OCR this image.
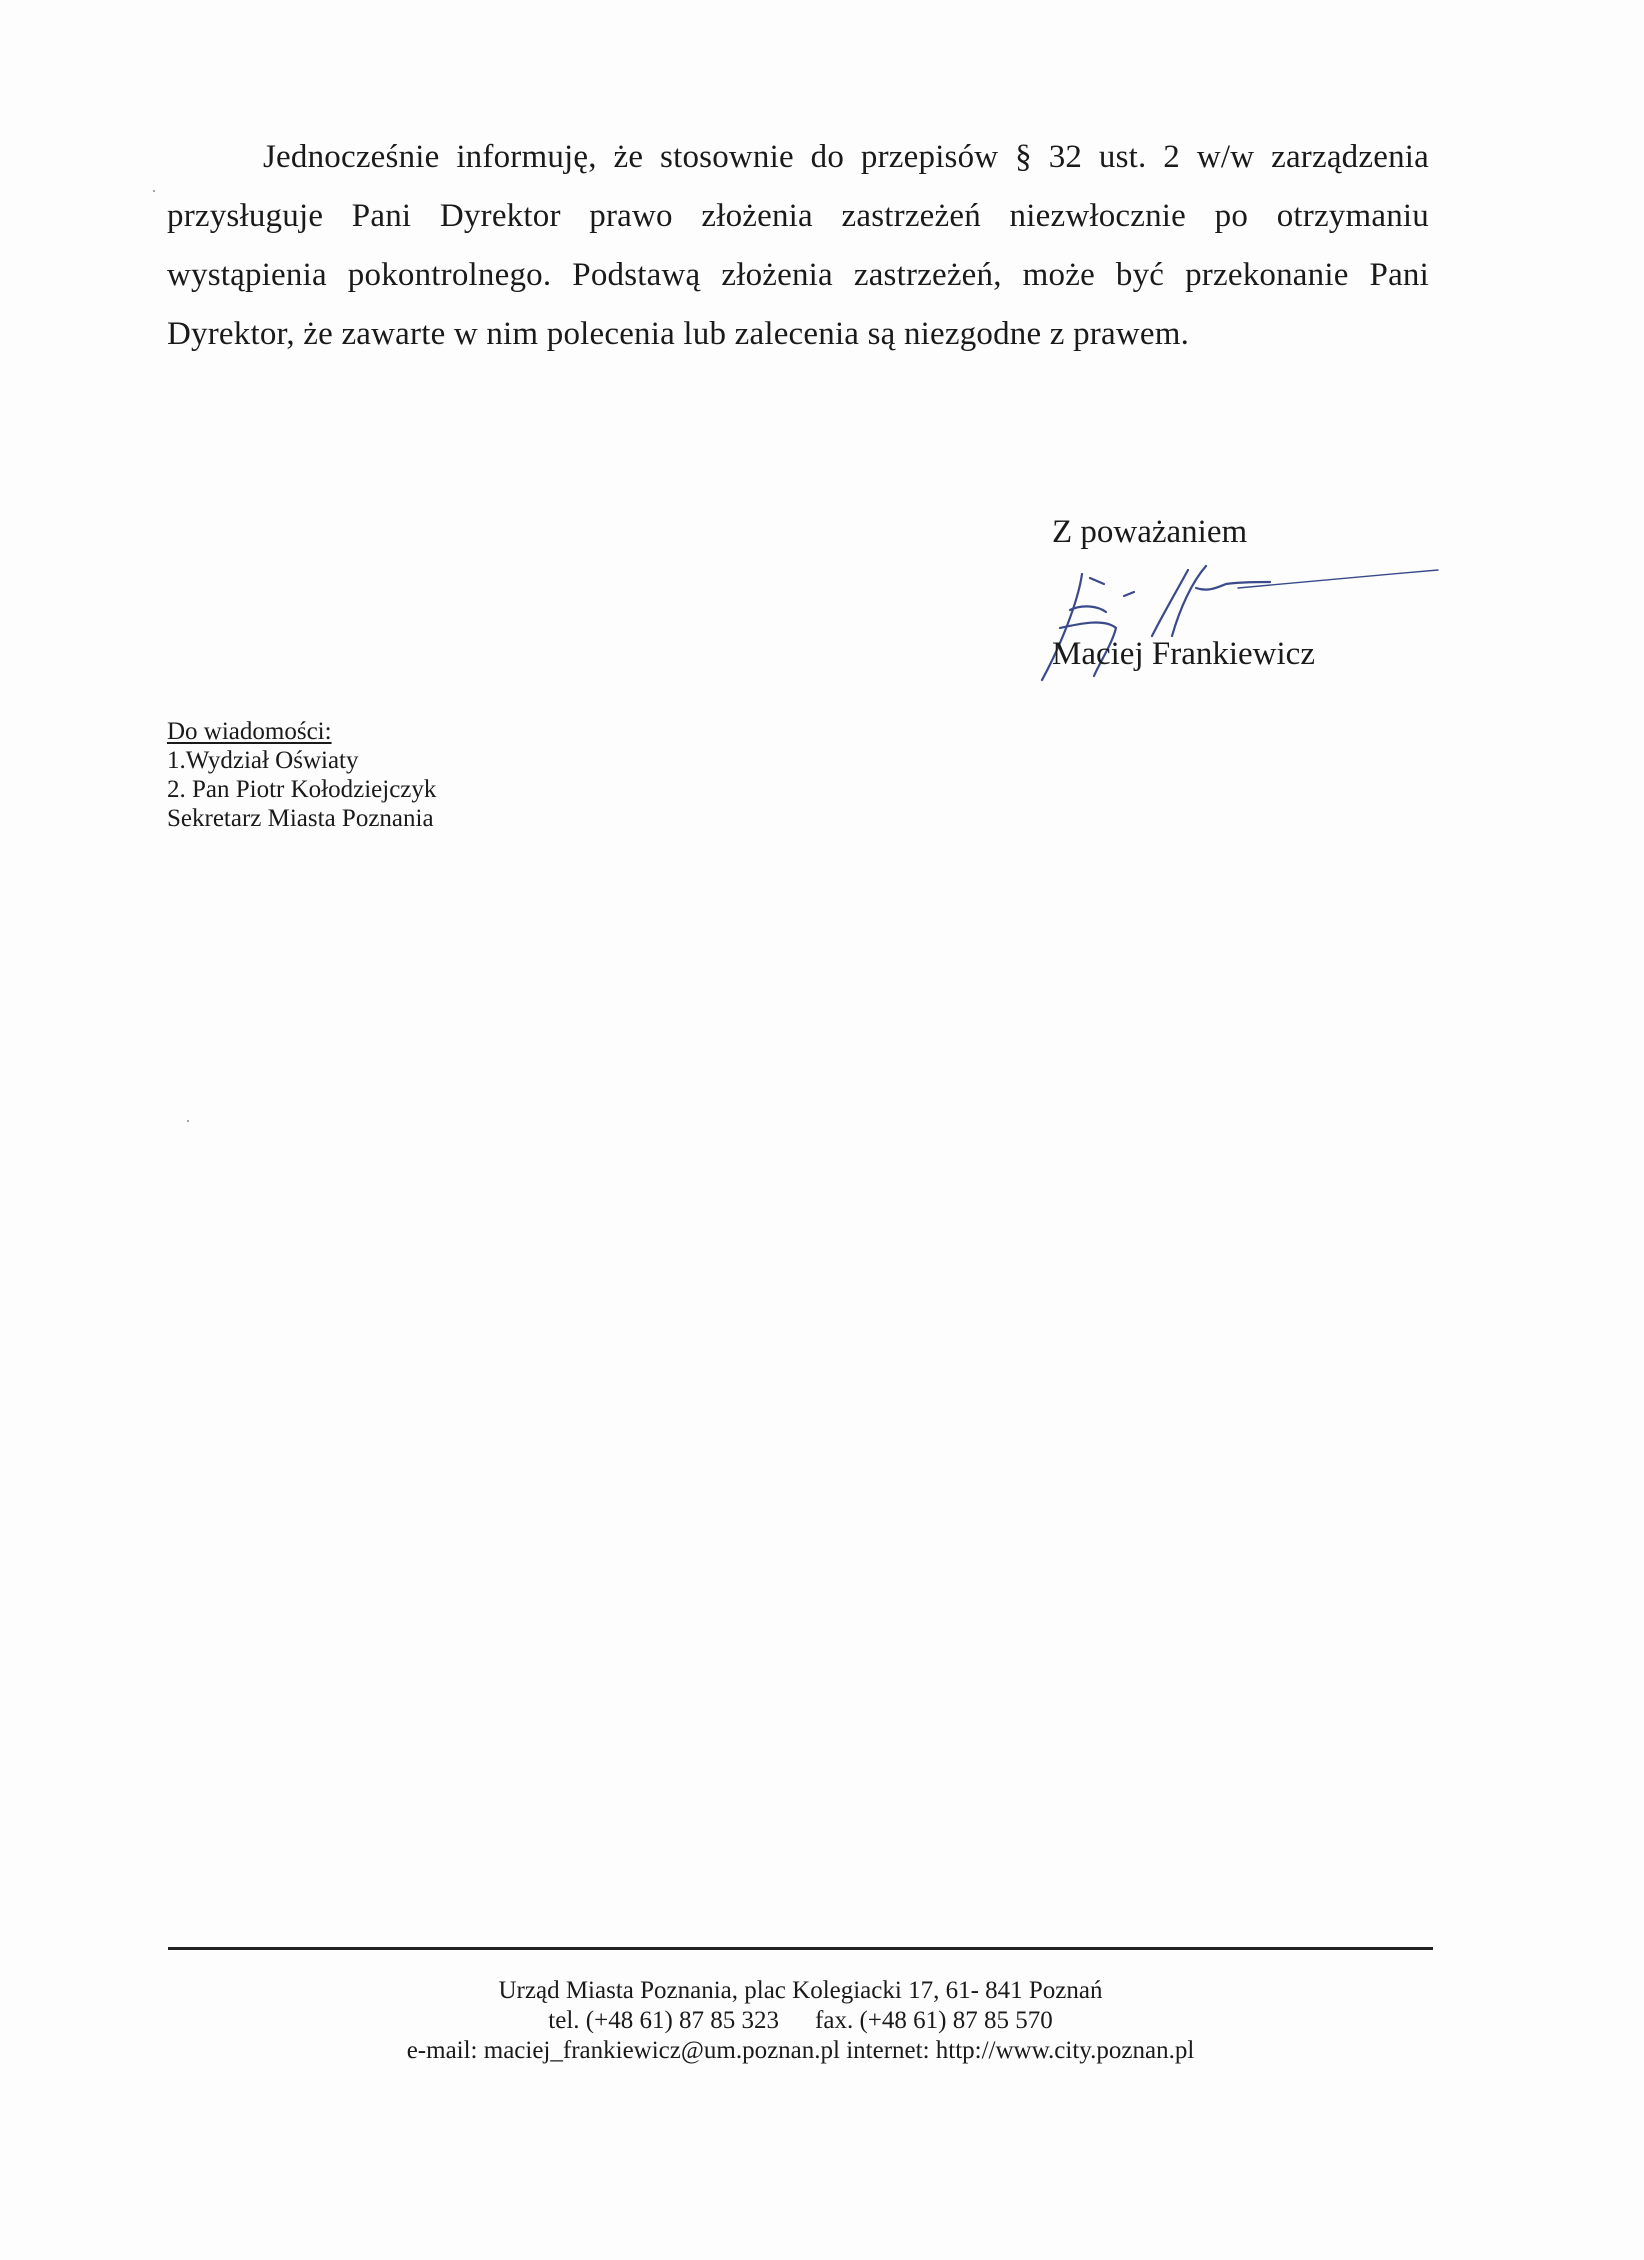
Jednocześnie informuję, że stosownie do przepisów § 32 ust. 2 w/w zarządzenia przysługuje Pani Dyrektor prawo złożenia zastrzeżeń niezwłocznie po otrzymaniu wystąpienia pokontrolnego. Podstawą złożenia zastrzeżeń, może być przekonanie Pani Dyrektor, że zawarte w nim polecenia lub zalecenia są niezgodne z prawem.

Z poważaniem
Maciej Frankiewicz
Do wiadomości:
1.Wydział Oświaty
2. Pan Piotr Kołodziejczyk
Sekretarz Miasta Poznania
Urząd Miasta Poznania, plac Kolegiacki 17, 61- 841 Poznań
tel. (+48 61) 87 85 323 fax. (+48 61) 87 85 570
e-mail: maciej_frankiewicz@um.poznan.pl internet: http://www.city.poznan.pl
